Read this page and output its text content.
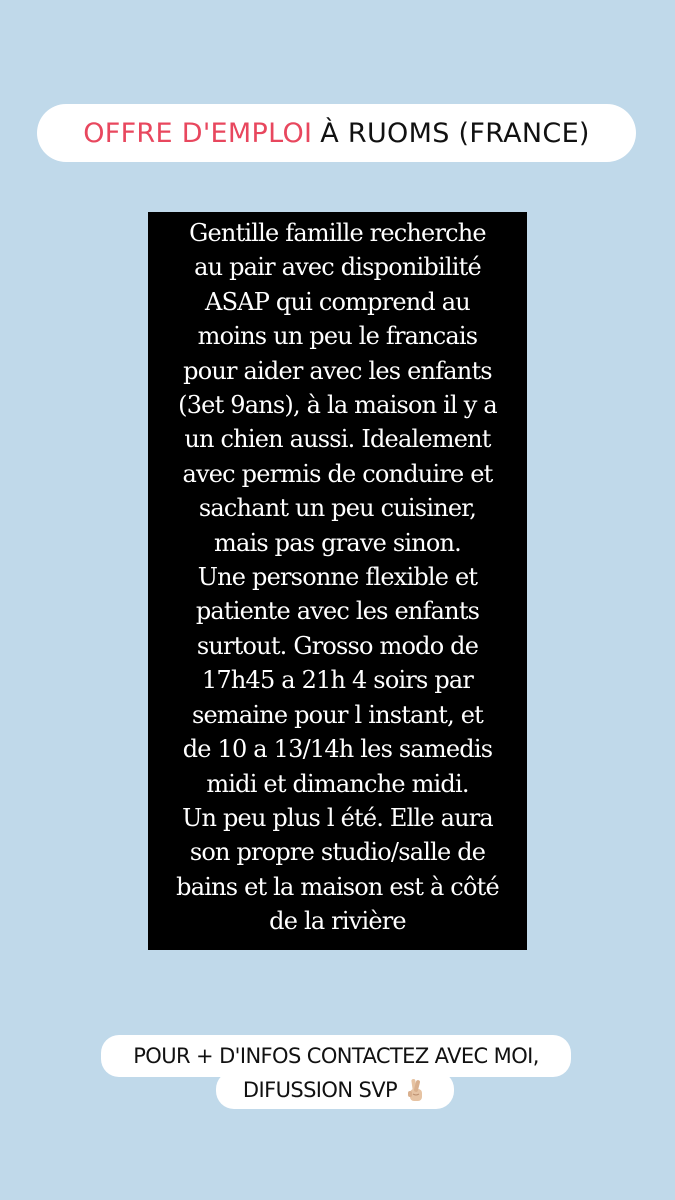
OFFRE D'EMPLOI À RUOMS (FRANCE)

Gentille famille recherche
au pair avec disponibilité
ASAP qui comprend au
moins un peu le francais
pour aider avec les enfants
(3et 9ans), à la maison il y a
un chien aussi. Idealement
avec permis de conduire et
sachant un peu cuisiner,
mais pas grave sinon.
Une personne flexible et
patiente avec les enfants
surtout. Grosso modo de
17h45 a 21h 4 soirs par
semaine pour l instant, et
de 10 a 13/14h les samedis
midi et dimanche midi.
Un peu plus l été. Elle aura
son propre studio/salle de
bains et la maison est à côté
de la rivière

POUR + D'INFOS CONTACTEZ AVEC MOI,
DIFUSSION SVP
